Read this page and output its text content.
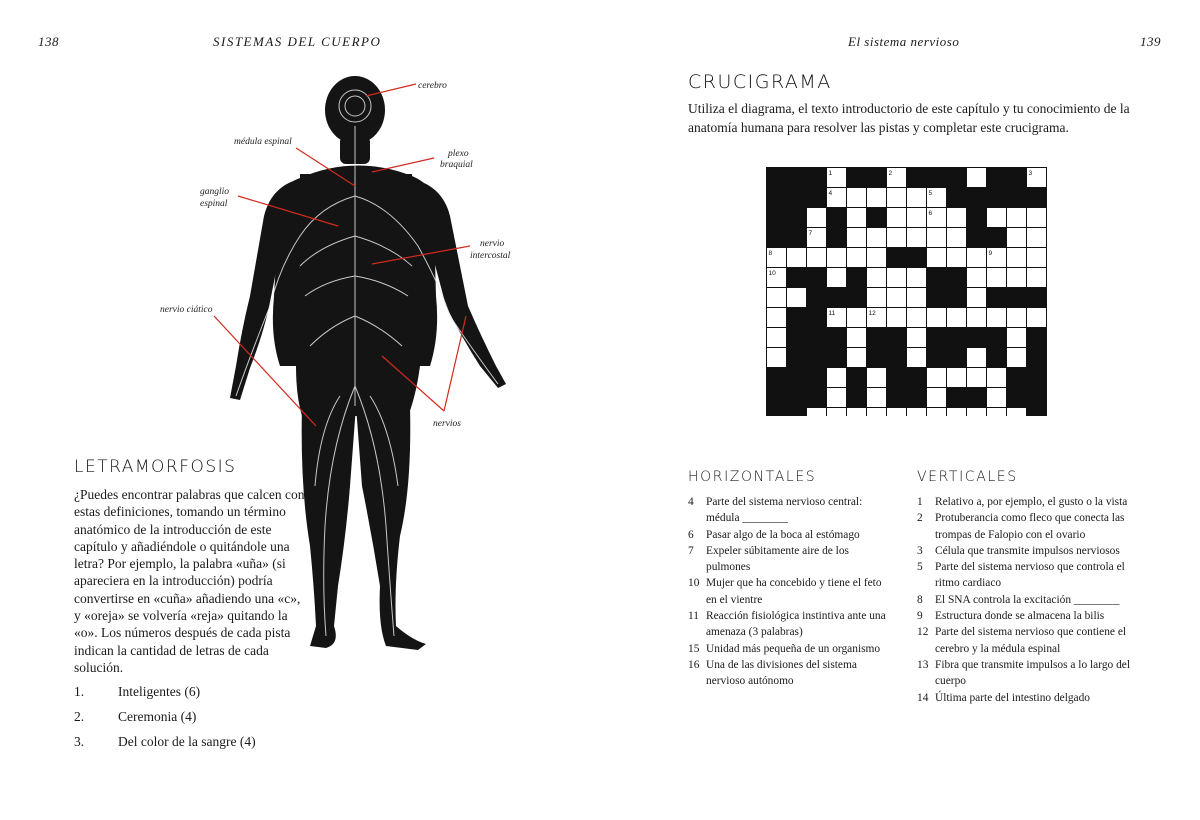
138	SISTEMAS DEL CUERPO	El sistema nervioso	139
cerebro
médula espinal
plexo
braquial
ganglio
espinal
nervio
intercostal
nervio ciático
nervios
LETRAMORFOSIS
¿Puedes encontrar palabras que calcen con estas definiciones, tomando un término anatómico de la introducción de este capítulo y añadiéndole o quitándole una letra? Por ejemplo, la palabra «uña» (si apareciera en la introducción) podría convertirse en «cuña» añadiendo una «c», y «oreja» se volvería «reja» quitando la «o». Los números después de cada pista indican la cantidad de letras de cada solución.
1.	Inteligentes (6)
2.	Ceremonia (4)
3.	Del color de la sangre (4)
CRUCIGRAMA
Utiliza el diagrama, el texto introductorio de este capítulo y tu conocimiento de la anatomía humana para resolver las pistas y completar este crucigrama.
1	2	3
4	5
6
7
8	9
10
11	12
13
14
15
16
HORIZONTALES
4	Parte del sistema nervioso central: médula ________
6	Pasar algo de la boca al estómago
7	Expeler súbitamente aire de los pulmones
10 Mujer que ha concebido y tiene el feto en el vientre
11 Reacción fisiológica instintiva ante una amenaza (3 palabras)
15 Unidad más pequeña de un organismo
16 Una de las divisiones del sistema nervioso autónomo
VERTICALES
1	Relativo a, por ejemplo, el gusto o la vista
2	Protuberancia como fleco que conecta las trompas de Falopio con el ovario
3	Célula que transmite impulsos nerviosos
5	Parte del sistema nervioso que controla el ritmo cardiaco
8	El SNA controla la excitación ________
9	Estructura donde se almacena la bilis
12 Parte del sistema nervioso que contiene el cerebro y la médula espinal
13 Fibra que transmite impulsos a lo largo del cuerpo
14 Última parte del intestino delgado
